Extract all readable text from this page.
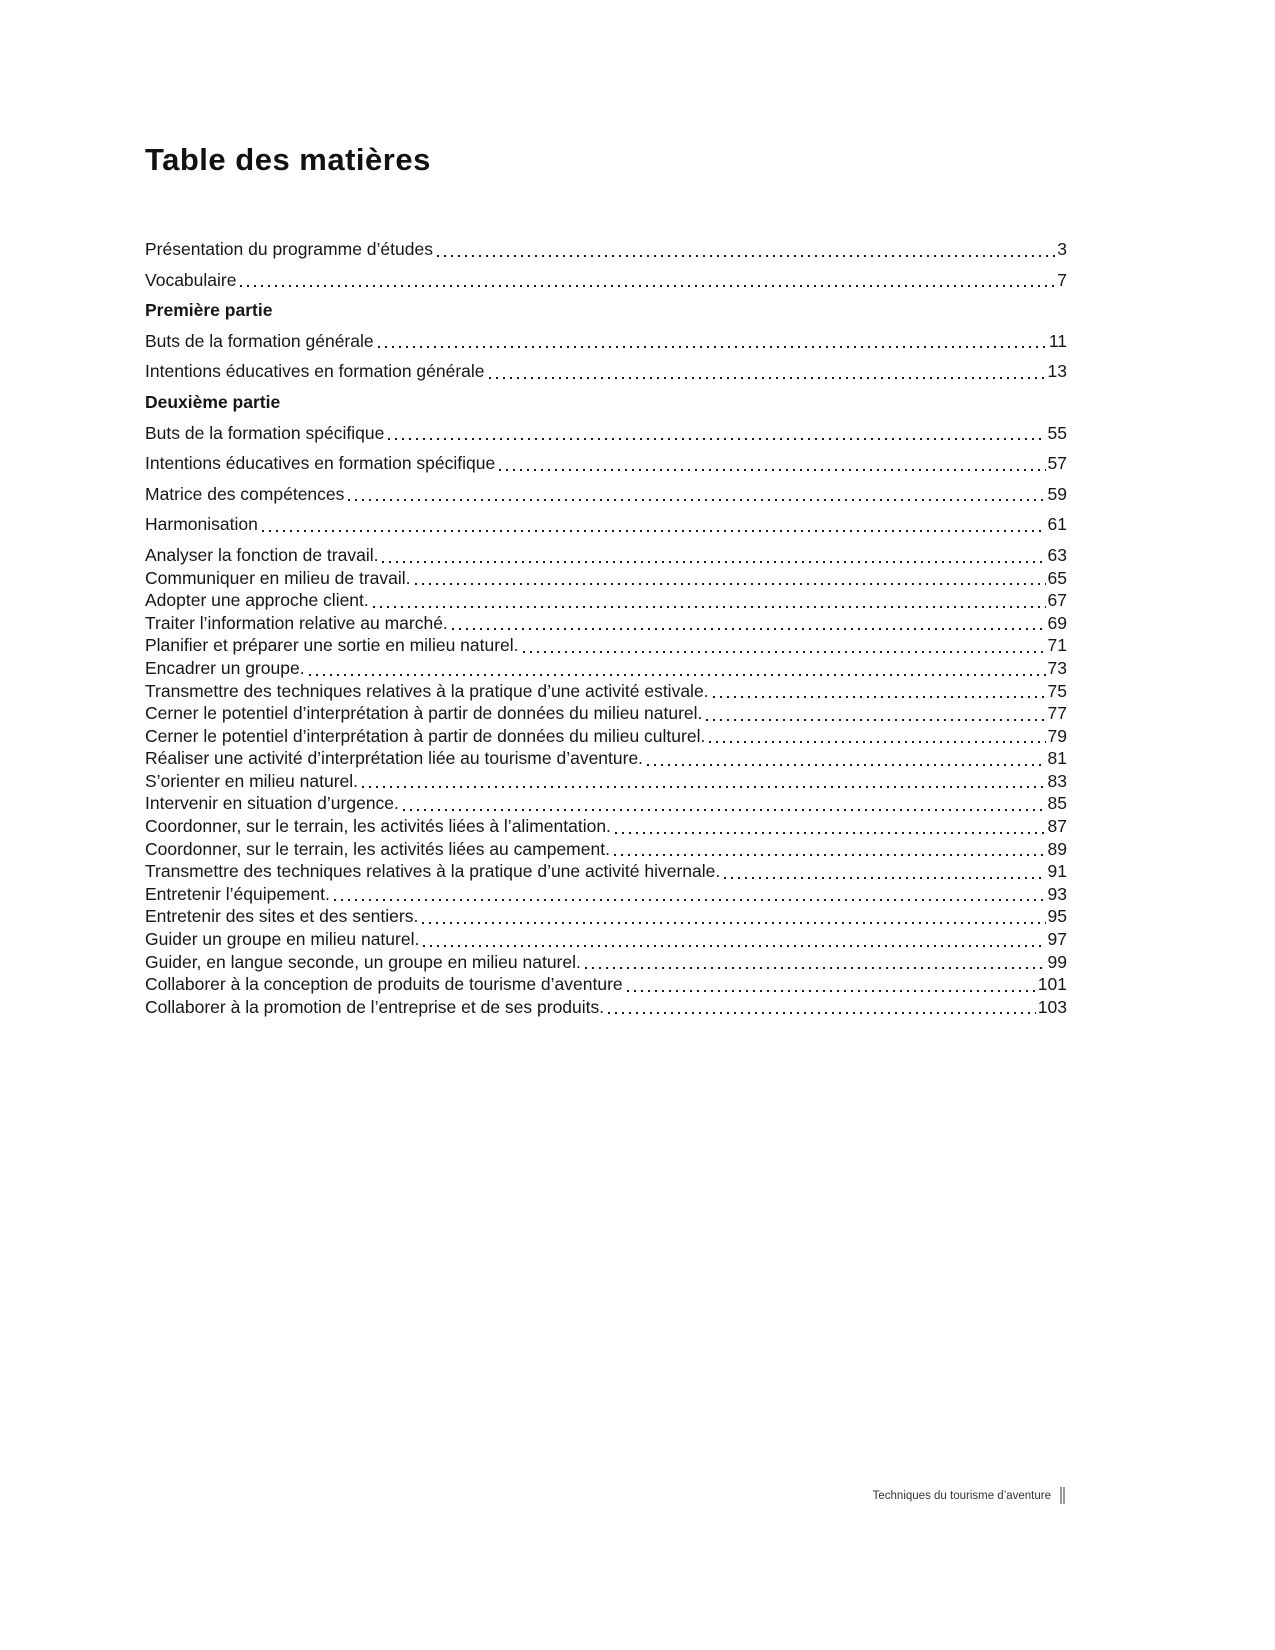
Table des matières
Présentation du programme d’études	3
Vocabulaire	7
Première partie
Buts de la formation générale	11
Intentions éducatives en formation générale	13
Deuxième partie
Buts de la formation spécifique	55
Intentions éducatives en formation spécifique	57
Matrice des compétences	59
Harmonisation	61
Analyser la fonction de travail.	63
Communiquer en milieu de travail.	65
Adopter une approche client.	67
Traiter l’information relative au marché.	69
Planifier et préparer une sortie en milieu naturel.	71
Encadrer un groupe.	73
Transmettre des techniques relatives à la pratique d’une activité estivale.	75
Cerner le potentiel d’interprétation à partir de données du milieu naturel.	77
Cerner le potentiel d’interprétation à partir de données du milieu culturel.	79
Réaliser une activité d’interprétation liée au tourisme d’aventure.	81
S’orienter en milieu naturel.	83
Intervenir en situation d’urgence.	85
Coordonner, sur le terrain, les activités liées à l’alimentation.	87
Coordonner, sur le terrain, les activités liées au campement.	89
Transmettre des techniques relatives à la pratique d’une activité hivernale.	91
Entretenir l’équipement.	93
Entretenir des sites et des sentiers.	95
Guider un groupe en milieu naturel.	97
Guider, en langue seconde, un groupe en milieu naturel.	99
Collaborer à la conception de produits de tourisme d’aventure	101
Collaborer à la promotion de l’entreprise et de ses produits.	103
Techniques du tourisme d’aventure
